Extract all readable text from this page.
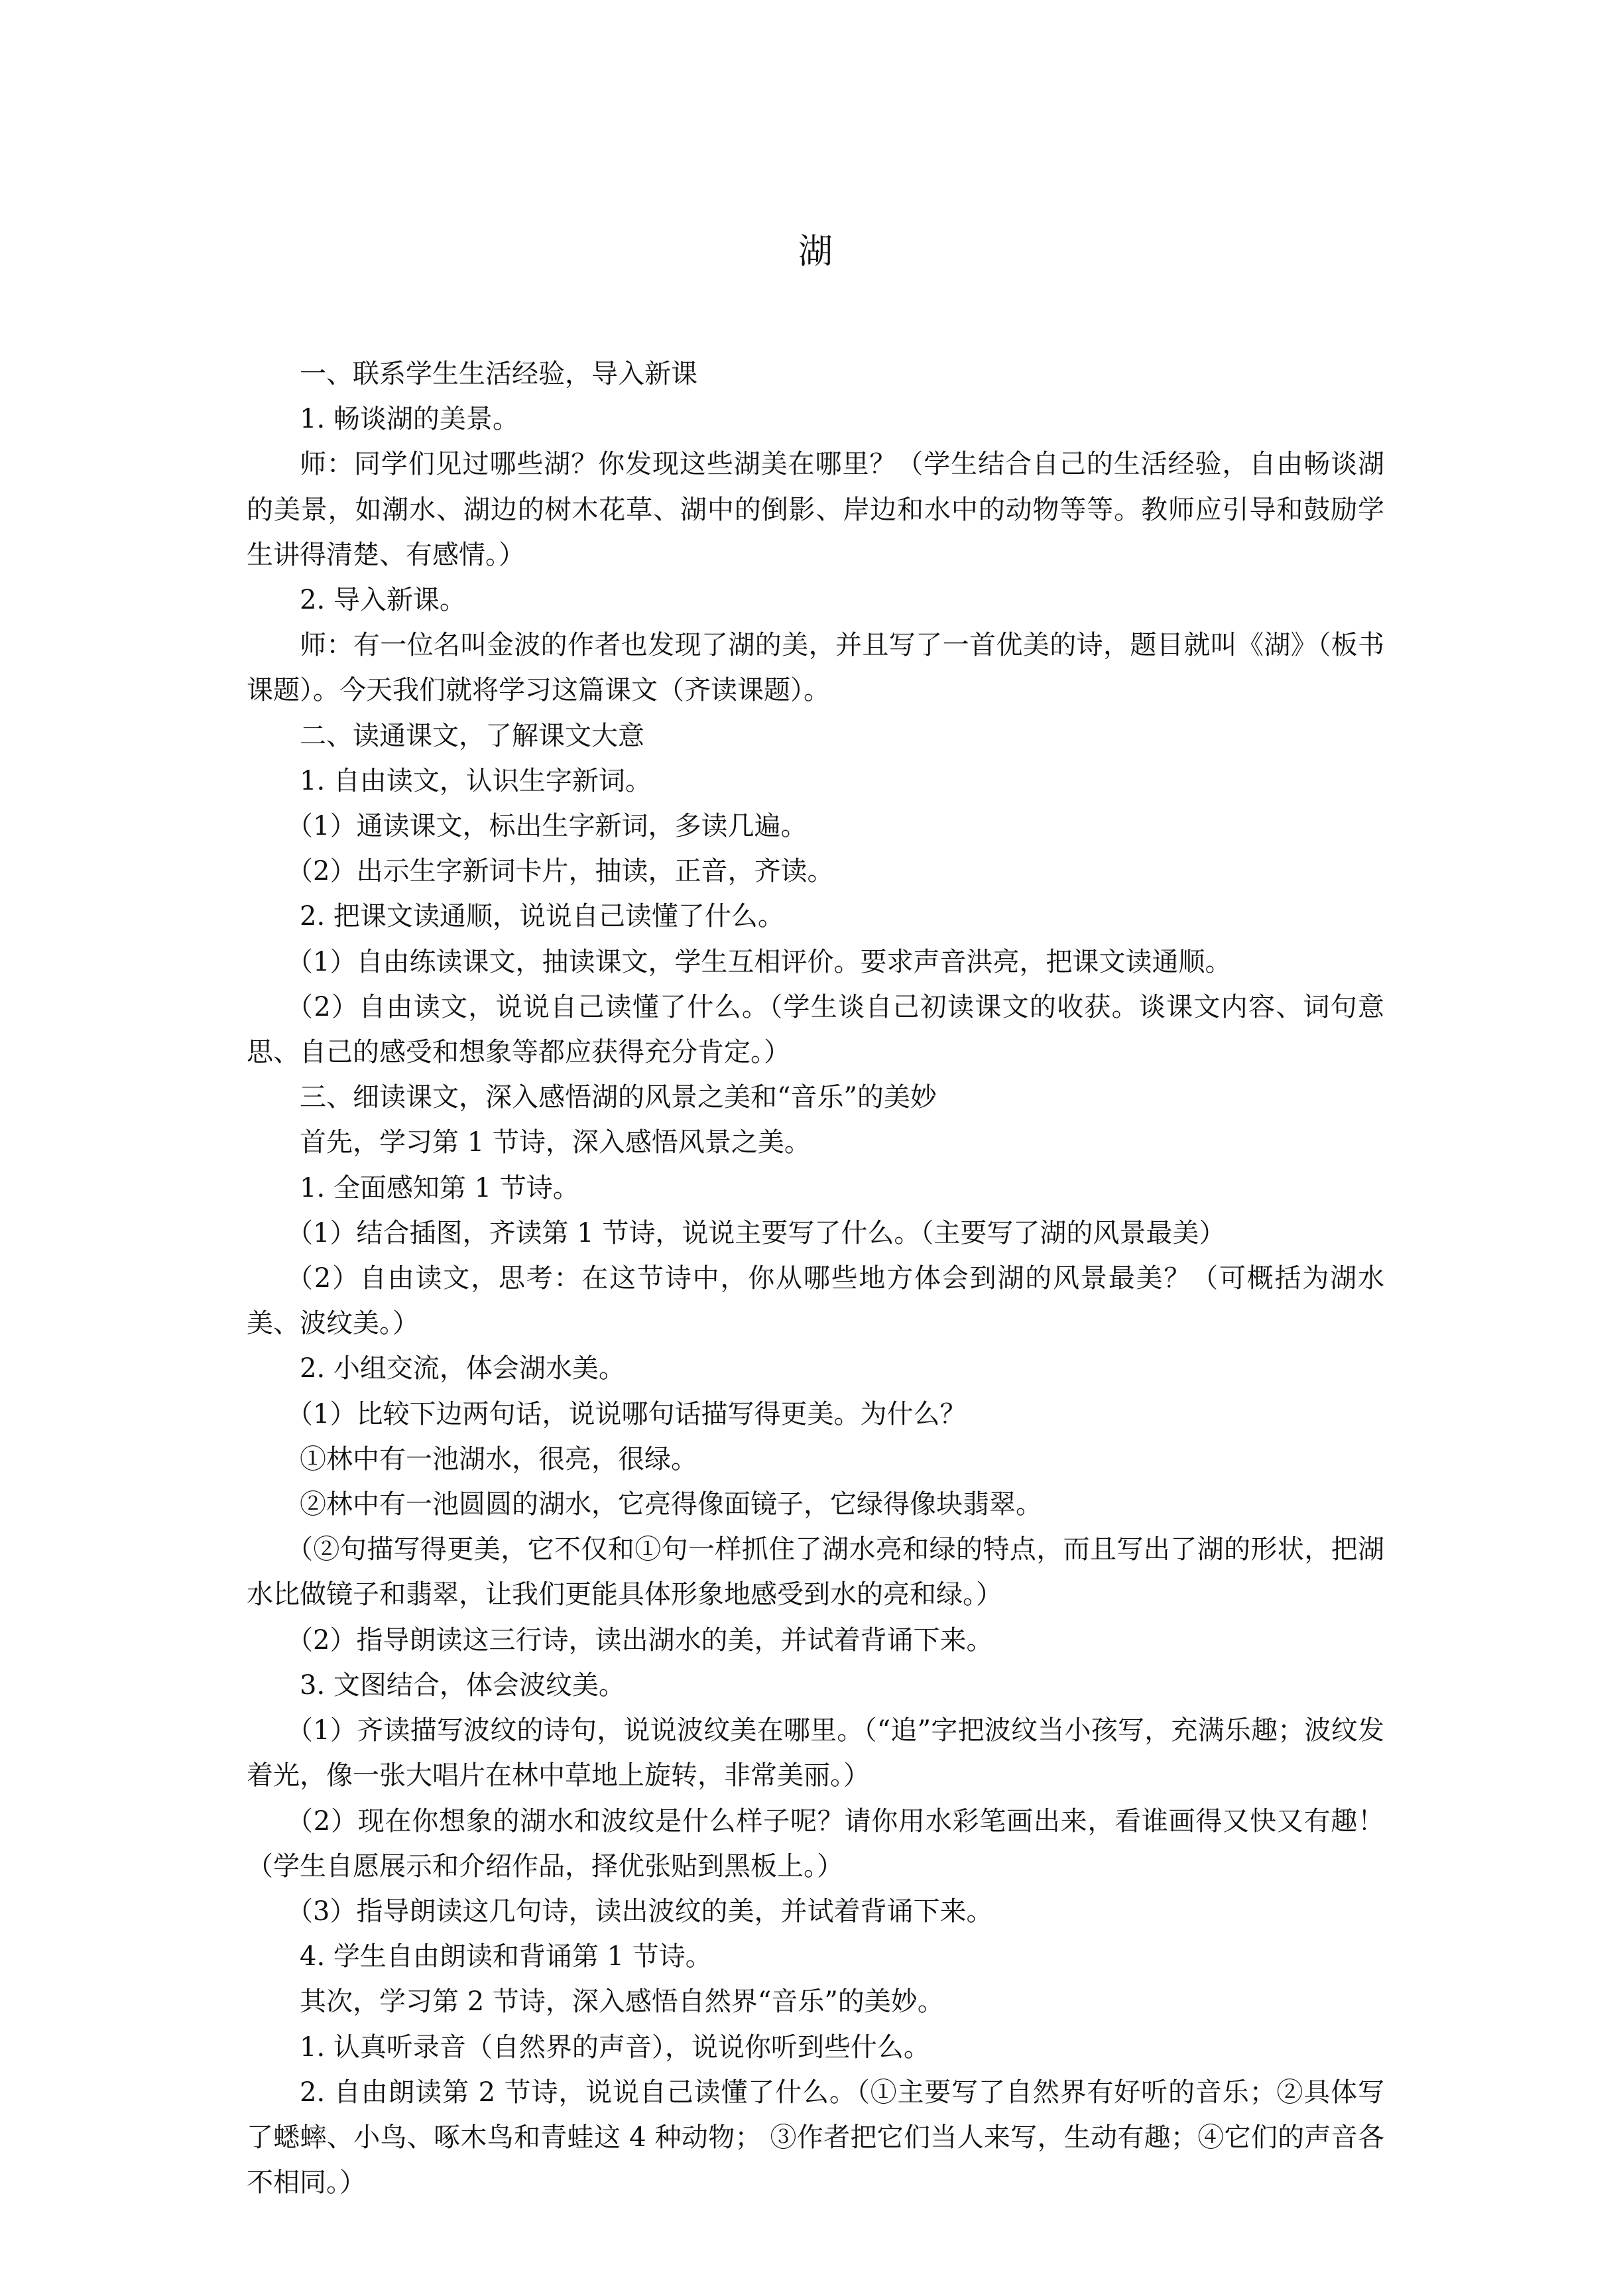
湖

一、联系学生生活经验，导入新课

1. 畅谈湖的美景。

师：同学们见过哪些湖？你发现这些湖美在哪里？（学生结合自己的生活经验，自由畅谈湖的美景，如潮水、湖边的树木花草、湖中的倒影、岸边和水中的动物等等。教师应引导和鼓励学生讲得清楚、有感情。）

2. 导入新课。

师：有一位名叫金波的作者也发现了湖的美，并且写了一首优美的诗，题目就叫《湖》（板书课题）。今天我们就将学习这篇课文（齐读课题）。

二、读通课文，了解课文大意

1. 自由读文，认识生字新词。

（1）通读课文，标出生字新词，多读几遍。

（2）出示生字新词卡片，抽读，正音，齐读。

2. 把课文读通顺，说说自己读懂了什么。

（1）自由练读课文，抽读课文，学生互相评价。要求声音洪亮，把课文读通顺。

（2）自由读文，说说自己读懂了什么。（学生谈自己初读课文的收获。谈课文内容、词句意思、自己的感受和想象等都应获得充分肯定。）

三、细读课文，深入感悟湖的风景之美和“音乐”的美妙

首先，学习第 1 节诗，深入感悟风景之美。

1. 全面感知第 1 节诗。

（1）结合插图，齐读第 1 节诗，说说主要写了什么。（主要写了湖的风景最美）

（2）自由读文，思考：在这节诗中，你从哪些地方体会到湖的风景最美？（可概括为湖水美、波纹美。）

2. 小组交流，体会湖水美。

（1）比较下边两句话，说说哪句话描写得更美。为什么？

①林中有一池湖水，很亮，很绿。

②林中有一池圆圆的湖水，它亮得像面镜子，它绿得像块翡翠。

（②句描写得更美，它不仅和①句一样抓住了湖水亮和绿的特点，而且写出了湖的形状，把湖水比做镜子和翡翠，让我们更能具体形象地感受到水的亮和绿。）

（2）指导朗读这三行诗，读出湖水的美，并试着背诵下来。

3. 文图结合，体会波纹美。

（1）齐读描写波纹的诗句，说说波纹美在哪里。（“追”字把波纹当小孩写，充满乐趣；波纹发着光，像一张大唱片在林中草地上旋转，非常美丽。）

（2）现在你想象的湖水和波纹是什么样子呢？请你用水彩笔画出来，看谁画得又快又有趣！（学生自愿展示和介绍作品，择优张贴到黑板上。）

（3）指导朗读这几句诗，读出波纹的美，并试着背诵下来。

4. 学生自由朗读和背诵第 1 节诗。

其次，学习第 2 节诗，深入感悟自然界“音乐”的美妙。

1. 认真听录音（自然界的声音），说说你听到些什么。

2. 自由朗读第 2 节诗，说说自己读懂了什么。（①主要写了自然界有好听的音乐；②具体写了蟋蟀、小鸟、啄木鸟和青蛙这 4 种动物； ③作者把它们当人来写，生动有趣；④它们的声音各不相同。）
